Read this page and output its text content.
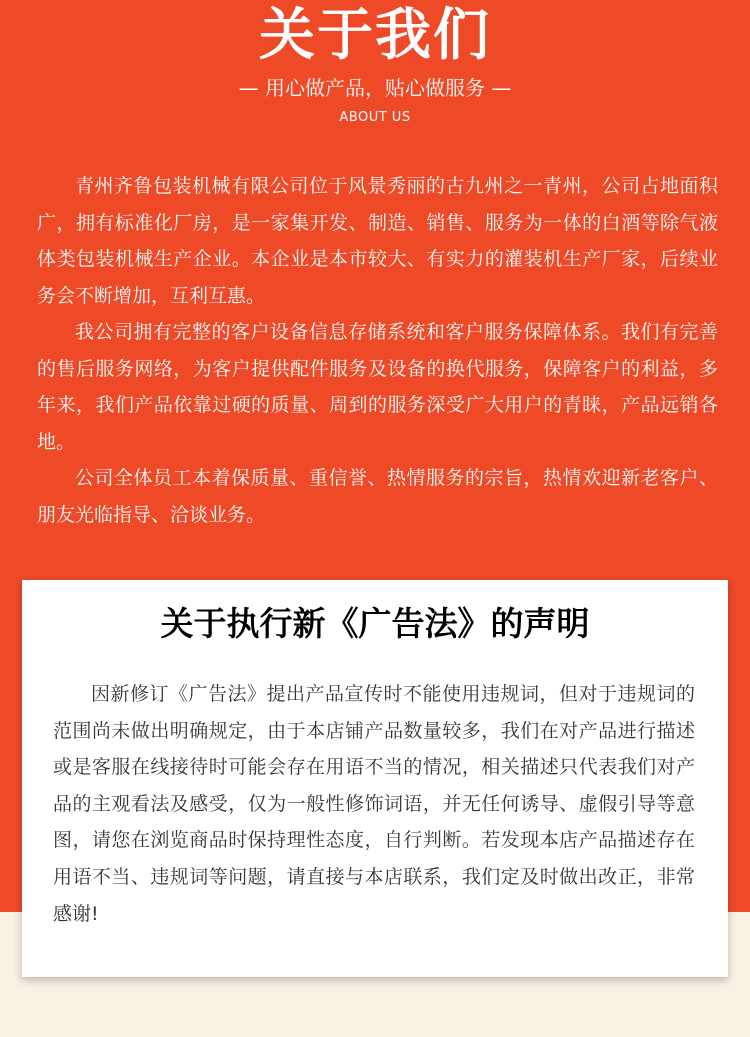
关于我们
— 用心做产品，贴心做服务 —
ABOUT US

青州齐鲁包装机械有限公司位于风景秀丽的古九州之一青州，公司占地面积广，拥有标准化厂房，是一家集开发、制造、销售、服务为一体的白酒等除气液体类包装机械生产企业。本企业是本市较大、有实力的灌装机生产厂家，后续业务会不断增加，互利互惠。

我公司拥有完整的客户设备信息存储系统和客户服务保障体系。我们有完善的售后服务网络，为客户提供配件服务及设备的换代服务，保障客户的利益，多年来，我们产品依靠过硬的质量、周到的服务深受广大用户的青睐，产品远销各地。

公司全体员工本着保质量、重信誉、热情服务的宗旨，热情欢迎新老客户、朋友光临指导、洽谈业务。

关于执行新《广告法》的声明
因新修订《广告法》提出产品宣传时不能使用违规词，但对于违规词的范围尚未做出明确规定，由于本店铺产品数量较多，我们在对产品进行描述或是客服在线接待时可能会存在用语不当的情况，相关描述只代表我们对产品的主观看法及感受，仅为一般性修饰词语，并无任何诱导、虚假引导等意图，请您在浏览商品时保持理性态度，自行判断。若发现本店产品描述存在用语不当、违规词等问题，请直接与本店联系，我们定及时做出改正，非常感谢!
